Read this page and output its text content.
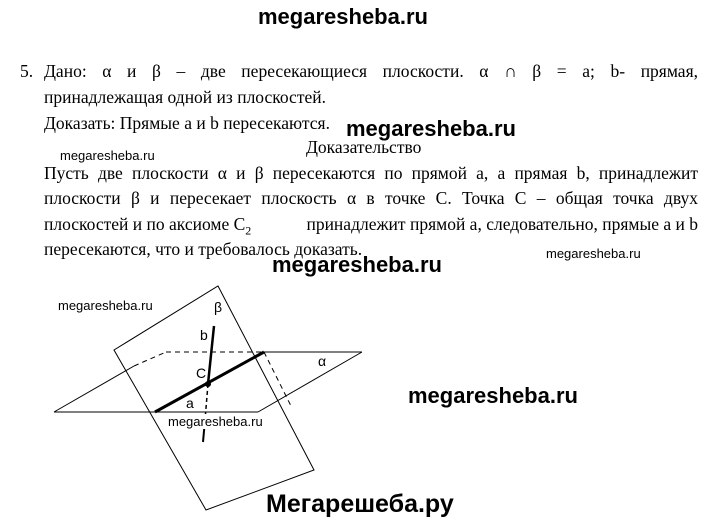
megaresheba.ru
5. Дано: α и β – две пересекающиеся плоскости. α ∩ β = a; b- прямая,
принадлежащая одной из плоскостей.
Доказать: Прямые a и b пересекаются. megaresheba.ru
Доказательство
megaresheba.ru
Пусть две плоскости α и β пересекаются по прямой a, а прямая b, принадлежит
плоскости β и пересекает плоскость α в точке C. Точка C – общая точка двух
плоскостей и по аксиоме $C_2$	принадлежит прямой a, следовательно, прямые a и b
пересекаются, что и требовалось доказать.
megaresheba.ru	megaresheba.ru
β
α
b
C
a
megaresheba.ru
megaresheba.ru
megaresheba.ru
Мегарешеба.ру
